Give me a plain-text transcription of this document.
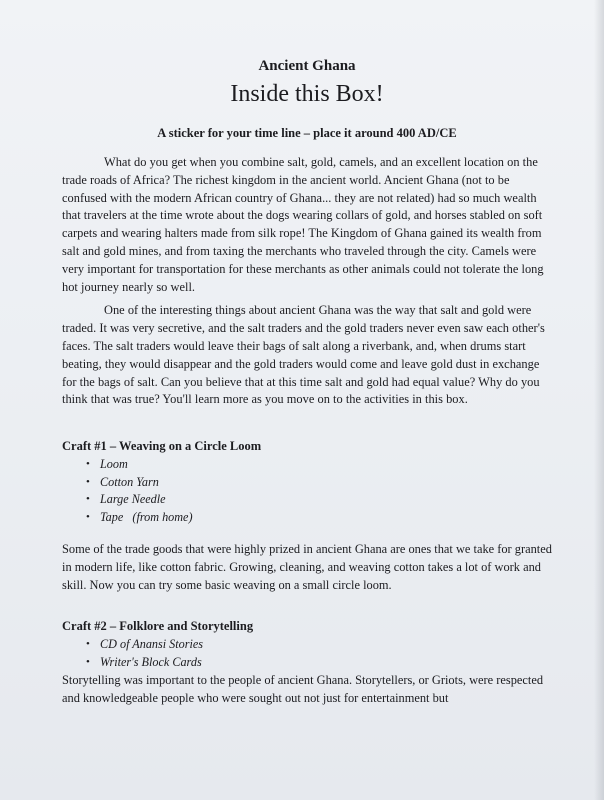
Ancient Ghana

Inside this Box!

A sticker for your time line – place it around 400 AD/CE

What do you get when you combine salt, gold, camels, and an excellent location on the trade roads of Africa? The richest kingdom in the ancient world. Ancient Ghana (not to be confused with the modern African country of Ghana... they are not related) had so much wealth that travelers at the time wrote about the dogs wearing collars of gold, and horses stabled on soft carpets and wearing halters made from silk rope! The Kingdom of Ghana gained its wealth from salt and gold mines, and from taxing the merchants who traveled through the city. Camels were very important for transportation for these merchants as other animals could not tolerate the long hot journey nearly so well.

One of the interesting things about ancient Ghana was the way that salt and gold were traded. It was very secretive, and the salt traders and the gold traders never even saw each other's faces. The salt traders would leave their bags of salt along a riverbank, and, when drums start beating, they would disappear and the gold traders would come and leave gold dust in exchange for the bags of salt. Can you believe that at this time salt and gold had equal value? Why do you think that was true? You'll learn more as you move on to the activities in this box.

Craft #1 – Weaving on a Circle Loom

• Loom
• Cotton Yarn
• Large Needle
• Tape   (from home)

Some of the trade goods that were highly prized in ancient Ghana are ones that we take for granted in modern life, like cotton fabric. Growing, cleaning, and weaving cotton takes a lot of work and skill. Now you can try some basic weaving on a small circle loom.

Craft #2 – Folklore and Storytelling

• CD of Anansi Stories
• Writer's Block Cards

Storytelling was important to the people of ancient Ghana. Storytellers, or Griots, were respected and knowledgeable people who were sought out not just for entertainment but
